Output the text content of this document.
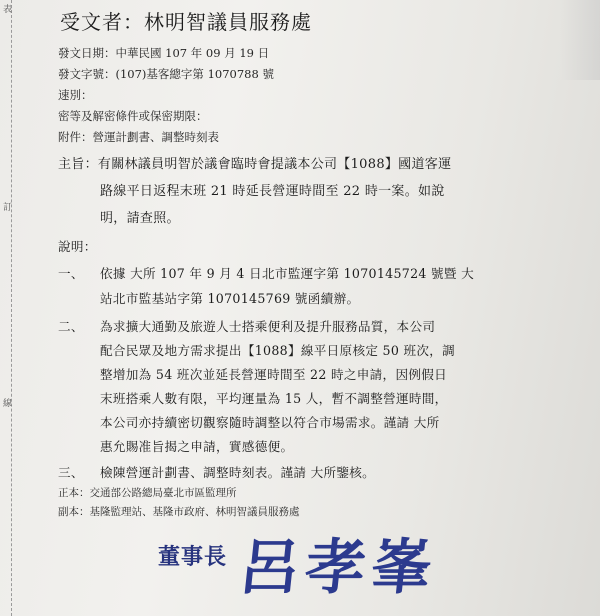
表
訂
線
受文者：林明智議員服務處
發文日期：中華民國 107 年 09 月 19 日
發文字號：(107)基客總字第 1070788 號
速別：
密等及解密條件或保密期限：
附件：營運計劃書、調整時刻表
主旨：有關林議員明智於議會臨時會提議本公司【1088】國道客運
路線平日返程末班 21 時延長營運時間至 22 時一案。如說
明，請查照。
說明：
一、 依據 大所 107 年 9 月 4 日北市監運字第 1070145724 號暨 大
站北市監基站字第 1070145769 號函續辦。
二、 為求擴大通勤及旅遊人士搭乘便利及提升服務品質，本公司
配合民眾及地方需求提出【1088】線平日原核定 50 班次，調
整增加為 54 班次並延長營運時間至 22 時之申請，因例假日
末班搭乘人數有限，平均運量為 15 人，暫不調整營運時間，
本公司亦持續密切觀察隨時調整以符合市場需求。謹請 大所
惠允賜准旨揭之申請，實感德便。
三、 檢陳營運計劃書、調整時刻表。謹請 大所鑒核。
正本：交通部公路總局臺北市區監理所
副本：基隆監理站、基隆市政府、林明智議員服務處
董事長 呂孝峯
